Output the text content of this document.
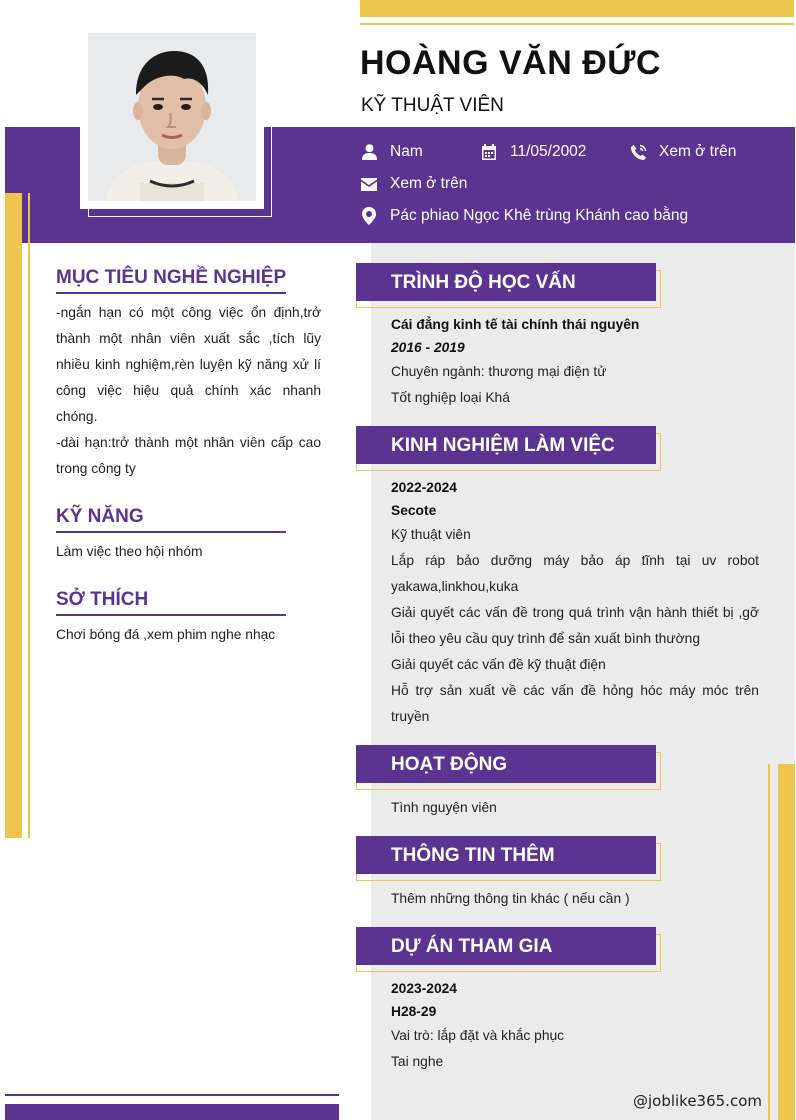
HOÀNG VĂN ĐỨC
KỸ THUẬT VIÊN
Nam	11/05/2002	Xem ở trên
Xem ở trên
Pác phiao Ngọc Khê trùng Khánh cao bằng
MỤC TIÊU NGHỀ NGHIỆP
-ngắn hạn có một công việc ổn định,trở thành một nhân viên xuất sắc ,tích lũy nhiều kinh nghiệm,rèn luyện kỹ năng xử lí công việc hiệu quả chính xác nhanh chóng.
-dài hạn:trở thành một nhân viên cấp cao trong công ty
KỸ NĂNG
Làm việc theo hội nhóm
SỞ THÍCH
Chơi bóng đá ,xem phim nghe nhạc
TRÌNH ĐỘ HỌC VẤN
Cái đẳng kinh tế tài chính thái nguyên
2016 - 2019
Chuyên ngành: thương mại điện tử
Tốt nghiệp loại Khá
KINH NGHIỆM LÀM VIỆC
2022-2024
Secote
Kỹ thuật viên
Lắp ráp bảo dưỡng máy bảo áp tĩnh tại uv robot yakawa,linkhou,kuka
Giải quyết các vấn đề trong quá trình vận hành thiết bị ,gỡ lỗi theo yêu cầu quy trình để sản xuất bình thường
Giải quyết các vấn đề kỹ thuật điện
Hỗ trợ sản xuất về các vấn đề hỏng hóc máy móc trên truyền
HOẠT ĐỘNG
Tình nguyện viên
THÔNG TIN THÊM
Thêm những thông tin khác ( nếu cần )
DỰ ÁN THAM GIA
2023-2024
H28-29
Vai trò: lắp đặt và khắc phục
Tai nghe
@joblike365.com
